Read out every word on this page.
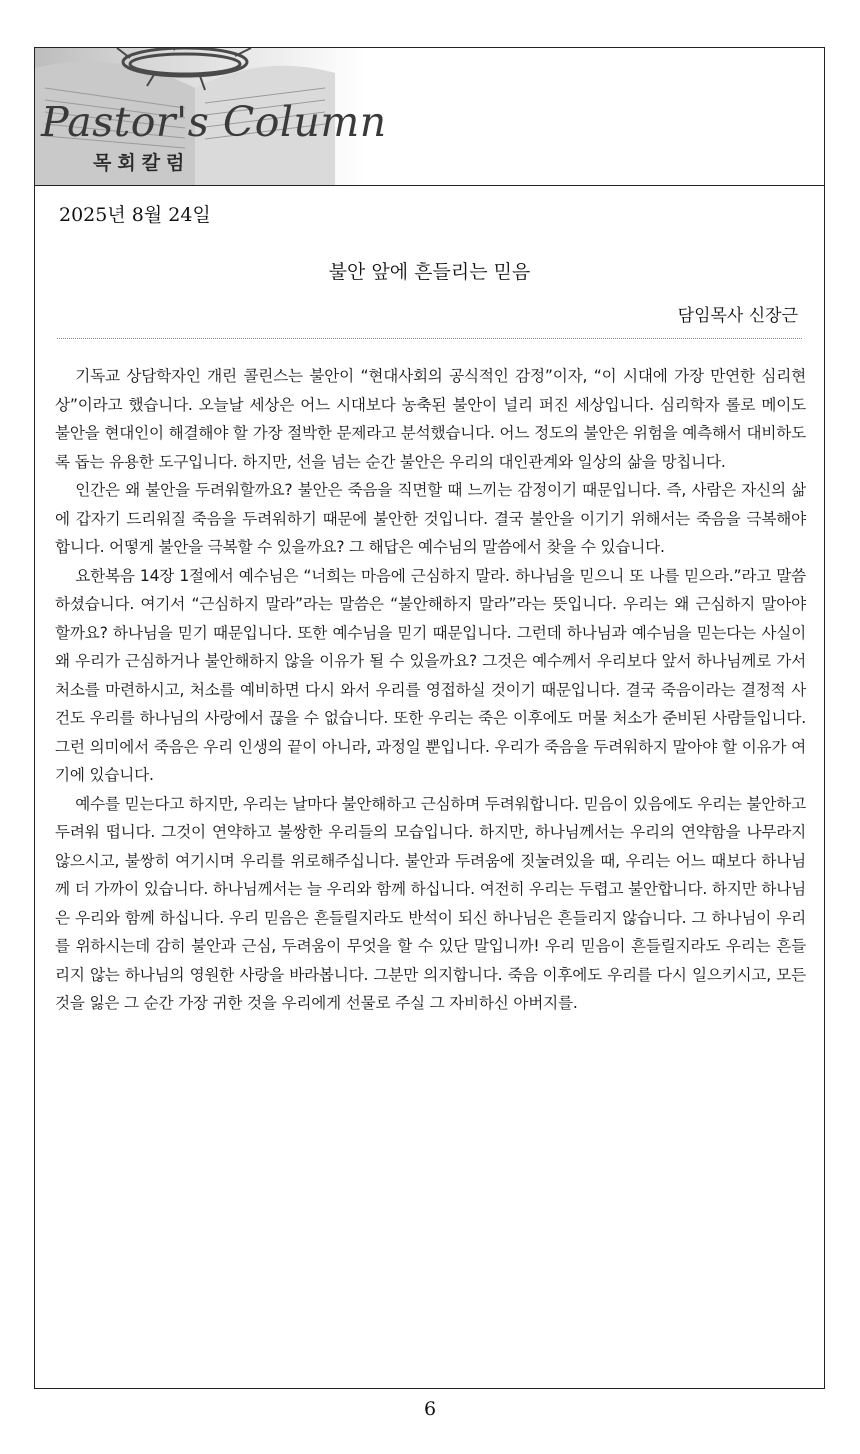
Pastor's Column
목회칼럼
2025년 8월 24일
불안 앞에 흔들리는 믿음
담임목사 신장근

기독교 상담학자인 개린 콜린스는 불안이 “현대사회의 공식적인 감정”이자, “이 시대에 가장 만연한 심리현상”이라고 했습니다. 오늘날 세상은 어느 시대보다 농축된 불안이 널리 퍼진 세상입니다. 심리학자 롤로 메이도 불안을 현대인이 해결해야 할 가장 절박한 문제라고 분석했습니다. 어느 정도의 불안은 위험을 예측해서 대비하도록 돕는 유용한 도구입니다. 하지만, 선을 넘는 순간 불안은 우리의 대인관계와 일상의 삶을 망칩니다.

인간은 왜 불안을 두려워할까요? 불안은 죽음을 직면할 때 느끼는 감정이기 때문입니다. 즉, 사람은 자신의 삶에 갑자기 드리워질 죽음을 두려워하기 때문에 불안한 것입니다. 결국 불안을 이기기 위해서는 죽음을 극복해야 합니다. 어떻게 불안을 극복할 수 있을까요? 그 해답은 예수님의 말씀에서 찾을 수 있습니다.

요한복음 14장 1절에서 예수님은 “너희는 마음에 근심하지 말라. 하나님을 믿으니 또 나를 믿으라.”라고 말씀하셨습니다. 여기서 “근심하지 말라”라는 말씀은 “불안해하지 말라”라는 뜻입니다. 우리는 왜 근심하지 말아야 할까요? 하나님을 믿기 때문입니다. 또한 예수님을 믿기 때문입니다. 그런데 하나님과 예수님을 믿는다는 사실이 왜 우리가 근심하거나 불안해하지 않을 이유가 될 수 있을까요? 그것은 예수께서 우리보다 앞서 하나님께로 가서 처소를 마련하시고, 처소를 예비하면 다시 와서 우리를 영접하실 것이기 때문입니다. 결국 죽음이라는 결정적 사건도 우리를 하나님의 사랑에서 끊을 수 없습니다. 또한 우리는 죽은 이후에도 머물 처소가 준비된 사람들입니다. 그런 의미에서 죽음은 우리 인생의 끝이 아니라, 과정일 뿐입니다. 우리가 죽음을 두려워하지 말아야 할 이유가 여기에 있습니다.

예수를 믿는다고 하지만, 우리는 날마다 불안해하고 근심하며 두려워합니다. 믿음이 있음에도 우리는 불안하고 두려워 떱니다. 그것이 연약하고 불쌍한 우리들의 모습입니다. 하지만, 하나님께서는 우리의 연약함을 나무라지 않으시고, 불쌍히 여기시며 우리를 위로해주십니다. 불안과 두려움에 짓눌려있을 때, 우리는 어느 때보다 하나님께 더 가까이 있습니다. 하나님께서는 늘 우리와 함께 하십니다. 여전히 우리는 두렵고 불안합니다. 하지만 하나님은 우리와 함께 하십니다. 우리 믿음은 흔들릴지라도 반석이 되신 하나님은 흔들리지 않습니다. 그 하나님이 우리를 위하시는데 감히 불안과 근심, 두려움이 무엇을 할 수 있단 말입니까! 우리 믿음이 흔들릴지라도 우리는 흔들리지 않는 하나님의 영원한 사랑을 바라봅니다. 그분만 의지합니다. 죽음 이후에도 우리를 다시 일으키시고, 모든 것을 잃은 그 순간 가장 귀한 것을 우리에게 선물로 주실 그 자비하신 아버지를.

6
